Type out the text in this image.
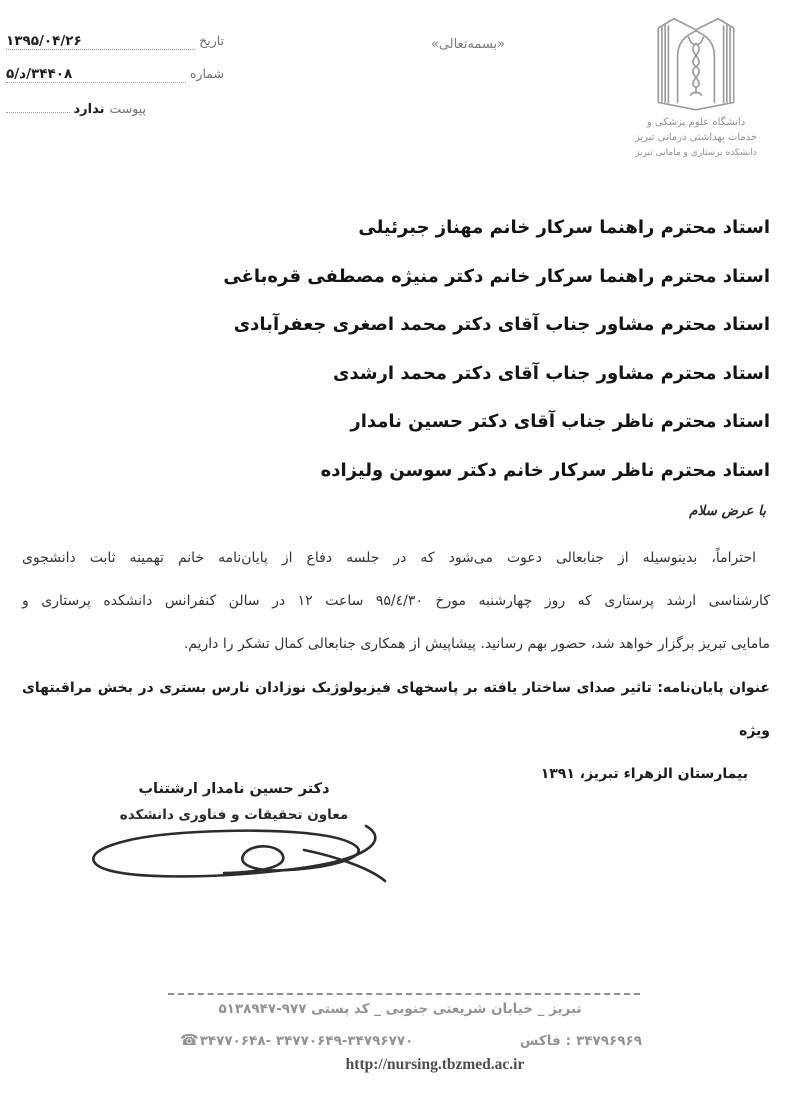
تاریخ
۱۳۹۵/۰۴/۲۶
شماره
۳۴۴۰۸/د/۵
پیوست
ندارد
«بسمه‌تعالی»
دانشگاه علوم پزشکی و
خدمات بهداشتی درمانی تبریز
دانشکده پرستاری و مامایی تبریز
استاد محترم راهنما سرکار خانم مهناز جبرئیلی
استاد محترم راهنما سرکار خانم دکتر منیژه مصطفی قره‌باغی
استاد محترم مشاور جناب آقای دکتر محمد اصغری جعفرآبادی
استاد محترم مشاور جناب آقای دکتر محمد ارشدی
استاد محترم ناظر جناب آقای دکتر حسین نامدار
استاد محترم ناظر سرکار خانم دکتر سوسن ولیزاده
با عرض سلام
احتراماً، بدینوسیله از جنابعالی دعوت می‌شود که در جلسه دفاع از پایان‌نامه خانم تهمینه ثابت دانشجوی
کارشناسی ارشد پرستاری که روز چهارشنبه مورخ ۹۵/٤/۳۰ ساعت ۱۲ در سالن کنفرانس دانشکده پرستاری و
مامایی تبریز برگزار خواهد شد، حضور بهم رسانید. پیشاپیش از همکاری جنابعالی کمال تشکر را داریم.
عنوان پایان‌نامه: تاثیر صدای ساختار یافته بر پاسخهای فیزیولوژیک نوزادان نارس بستری در بخش مراقبتهای ویژه
بیمارستان الزهراء تبریز، ۱۳۹۱
دکتر حسین نامدار ارشتناب
معاون تحقیقات و فناوری دانشکده
تبریز _ خیابان شریعتی جنوبی _ کد پستی ۵۱۳۸۹۴۷-۹۷۷
☎ ۳۴۷۷۰۶۴۸- ۳۴۷۷۰۶۴۹-۳۴۷۹۶۷۷۰	فاکس : ۳۴۷۹۶۹۶۹
http://nursing.tbzmed.ac.ir
